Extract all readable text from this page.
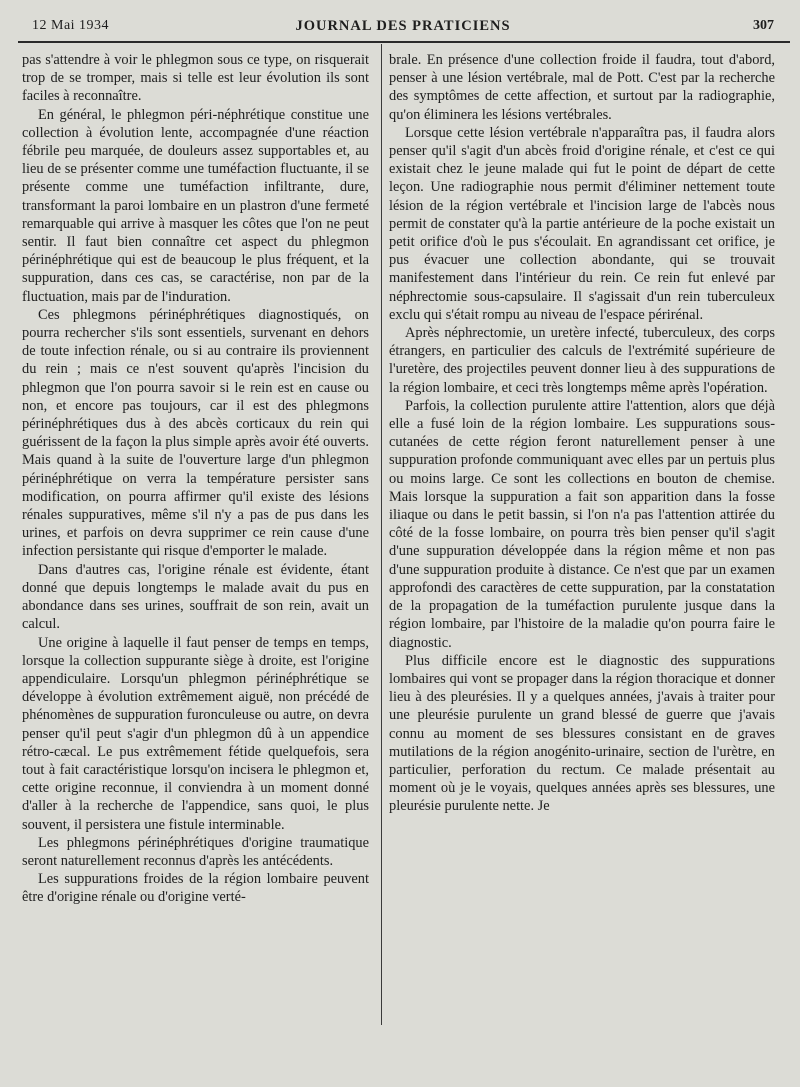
12 Mai 1934	JOURNAL DES PRATICIENS	307

pas s'attendre à voir le phlegmon sous ce type, on risquerait trop de se tromper, mais si telle est leur évolution ils sont faciles à reconnaître.

En général, le phlegmon péri-néphrétique constitue une collection à évolution lente, accompagnée d'une réaction fébrile peu marquée, de douleurs assez supportables et, au lieu de se présenter comme une tuméfaction fluctuante, il se présente comme une tuméfaction infiltrante, dure, transformant la paroi lombaire en un plastron d'une fermeté remarquable qui arrive à masquer les côtes que l'on ne peut sentir. Il faut bien connaître cet aspect du phlegmon périnéphrétique qui est de beaucoup le plus fréquent, et la suppuration, dans ces cas, se caractérise, non par de la fluctuation, mais par de l'induration.

Ces phlegmons périnéphrétiques diagnostiqués, on pourra rechercher s'ils sont essentiels, survenant en dehors de toute infection rénale, ou si au contraire ils proviennent du rein ; mais ce n'est souvent qu'après l'incision du phlegmon que l'on pourra savoir si le rein est en cause ou non, et encore pas toujours, car il est des phlegmons périnéphrétiques dus à des abcès corticaux du rein qui guérissent de la façon la plus simple après avoir été ouverts. Mais quand à la suite de l'ouverture large d'un phlegmon périnéphrétique on verra la température persister sans modification, on pourra affirmer qu'il existe des lésions rénales suppuratives, même s'il n'y a pas de pus dans les urines, et parfois on devra supprimer ce rein cause d'une infection persistante qui risque d'emporter le malade.

Dans d'autres cas, l'origine rénale est évidente, étant donné que depuis longtemps le malade avait du pus en abondance dans ses urines, souffrait de son rein, avait un calcul.

Une origine à laquelle il faut penser de temps en temps, lorsque la collection suppurante siège à droite, est l'origine appendiculaire. Lorsqu'un phlegmon périnéphrétique se développe à évolution extrêmement aiguë, non précédé de phénomènes de suppuration furonculeuse ou autre, on devra penser qu'il peut s'agir d'un phlegmon dû à un appendice rétro-cæcal. Le pus extrêmement fétide quelquefois, sera tout à fait caractéristique lorsqu'on incisera le phlegmon et, cette origine reconnue, il conviendra à un moment donné d'aller à la recherche de l'appendice, sans quoi, le plus souvent, il persistera une fistule interminable.

Les phlegmons périnéphrétiques d'origine traumatique seront naturellement reconnus d'après les antécédents.

Les suppurations froides de la région lombaire peuvent être d'origine rénale ou d'origine verté-

brale. En présence d'une collection froide il faudra, tout d'abord, penser à une lésion vertébrale, mal de Pott. C'est par la recherche des symptômes de cette affection, et surtout par la radiographie, qu'on éliminera les lésions vertébrales.

Lorsque cette lésion vertébrale n'apparaîtra pas, il faudra alors penser qu'il s'agit d'un abcès froid d'origine rénale, et c'est ce qui existait chez le jeune malade qui fut le point de départ de cette leçon. Une radiographie nous permit d'éliminer nettement toute lésion de la région vertébrale et l'incision large de l'abcès nous permit de constater qu'à la partie antérieure de la poche existait un petit orifice d'où le pus s'écoulait. En agrandissant cet orifice, je pus évacuer une collection abondante, qui se trouvait manifestement dans l'intérieur du rein. Ce rein fut enlevé par néphrectomie sous-capsulaire. Il s'agissait d'un rein tuberculeux exclu qui s'était rompu au niveau de l'espace périrénal.

Après néphrectomie, un uretère infecté, tuberculeux, des corps étrangers, en particulier des calculs de l'extrémité supérieure de l'uretère, des projectiles peuvent donner lieu à des suppurations de la région lombaire, et ceci très longtemps même après l'opération.

Parfois, la collection purulente attire l'attention, alors que déjà elle a fusé loin de la région lombaire. Les suppurations sous-cutanées de cette région feront naturellement penser à une suppuration profonde communiquant avec elles par un pertuis plus ou moins large. Ce sont les collections en bouton de chemise. Mais lorsque la suppuration a fait son apparition dans la fosse iliaque ou dans le petit bassin, si l'on n'a pas l'attention attirée du côté de la fosse lombaire, on pourra très bien penser qu'il s'agit d'une suppuration développée dans la région même et non pas d'une suppuration produite à distance. Ce n'est que par un examen approfondi des caractères de cette suppuration, par la constatation de la propagation de la tuméfaction purulente jusque dans la région lombaire, par l'histoire de la maladie qu'on pourra faire le diagnostic.

Plus difficile encore est le diagnostic des suppurations lombaires qui vont se propager dans la région thoracique et donner lieu à des pleurésies. Il y a quelques années, j'avais à traiter pour une pleurésie purulente un grand blessé de guerre que j'avais connu au moment de ses blessures consistant en de graves mutilations de la région anogénito-urinaire, section de l'urètre, en particulier, perforation du rectum. Ce malade présentait au moment où je le voyais, quelques années après ses blessures, une pleurésie purulente nette. Je
